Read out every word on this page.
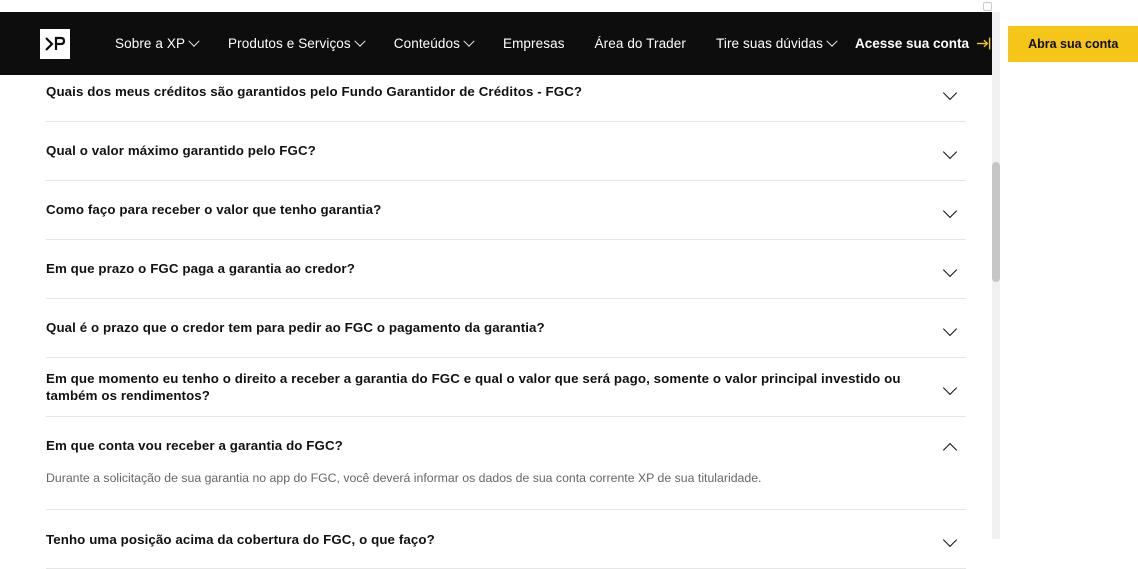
Sobre a XP	Produtos e Serviços	Conteúdos	Empresas Área do Trader Tire suas dúvidas Acesse sua conta	Abra sua conta
Quais dos meus créditos são garantidos pelo Fundo Garantidor de Créditos - FGC?
Qual o valor máximo garantido pelo FGC?
Como faço para receber o valor que tenho garantia?
Em que prazo o FGC paga a garantia ao credor?
Qual é o prazo que o credor tem para pedir ao FGC o pagamento da garantia?
Em que momento eu tenho o direito a receber a garantia do FGC e qual o valor que será pago, somente o valor principal investido ou também os rendimentos?
Em que conta vou receber a garantia do FGC?
Durante a solicitação de sua garantia no app do FGC, você deverá informar os dados de sua conta corrente XP de sua titularidade.
Tenho uma posição acima da cobertura do FGC, o que faço?
